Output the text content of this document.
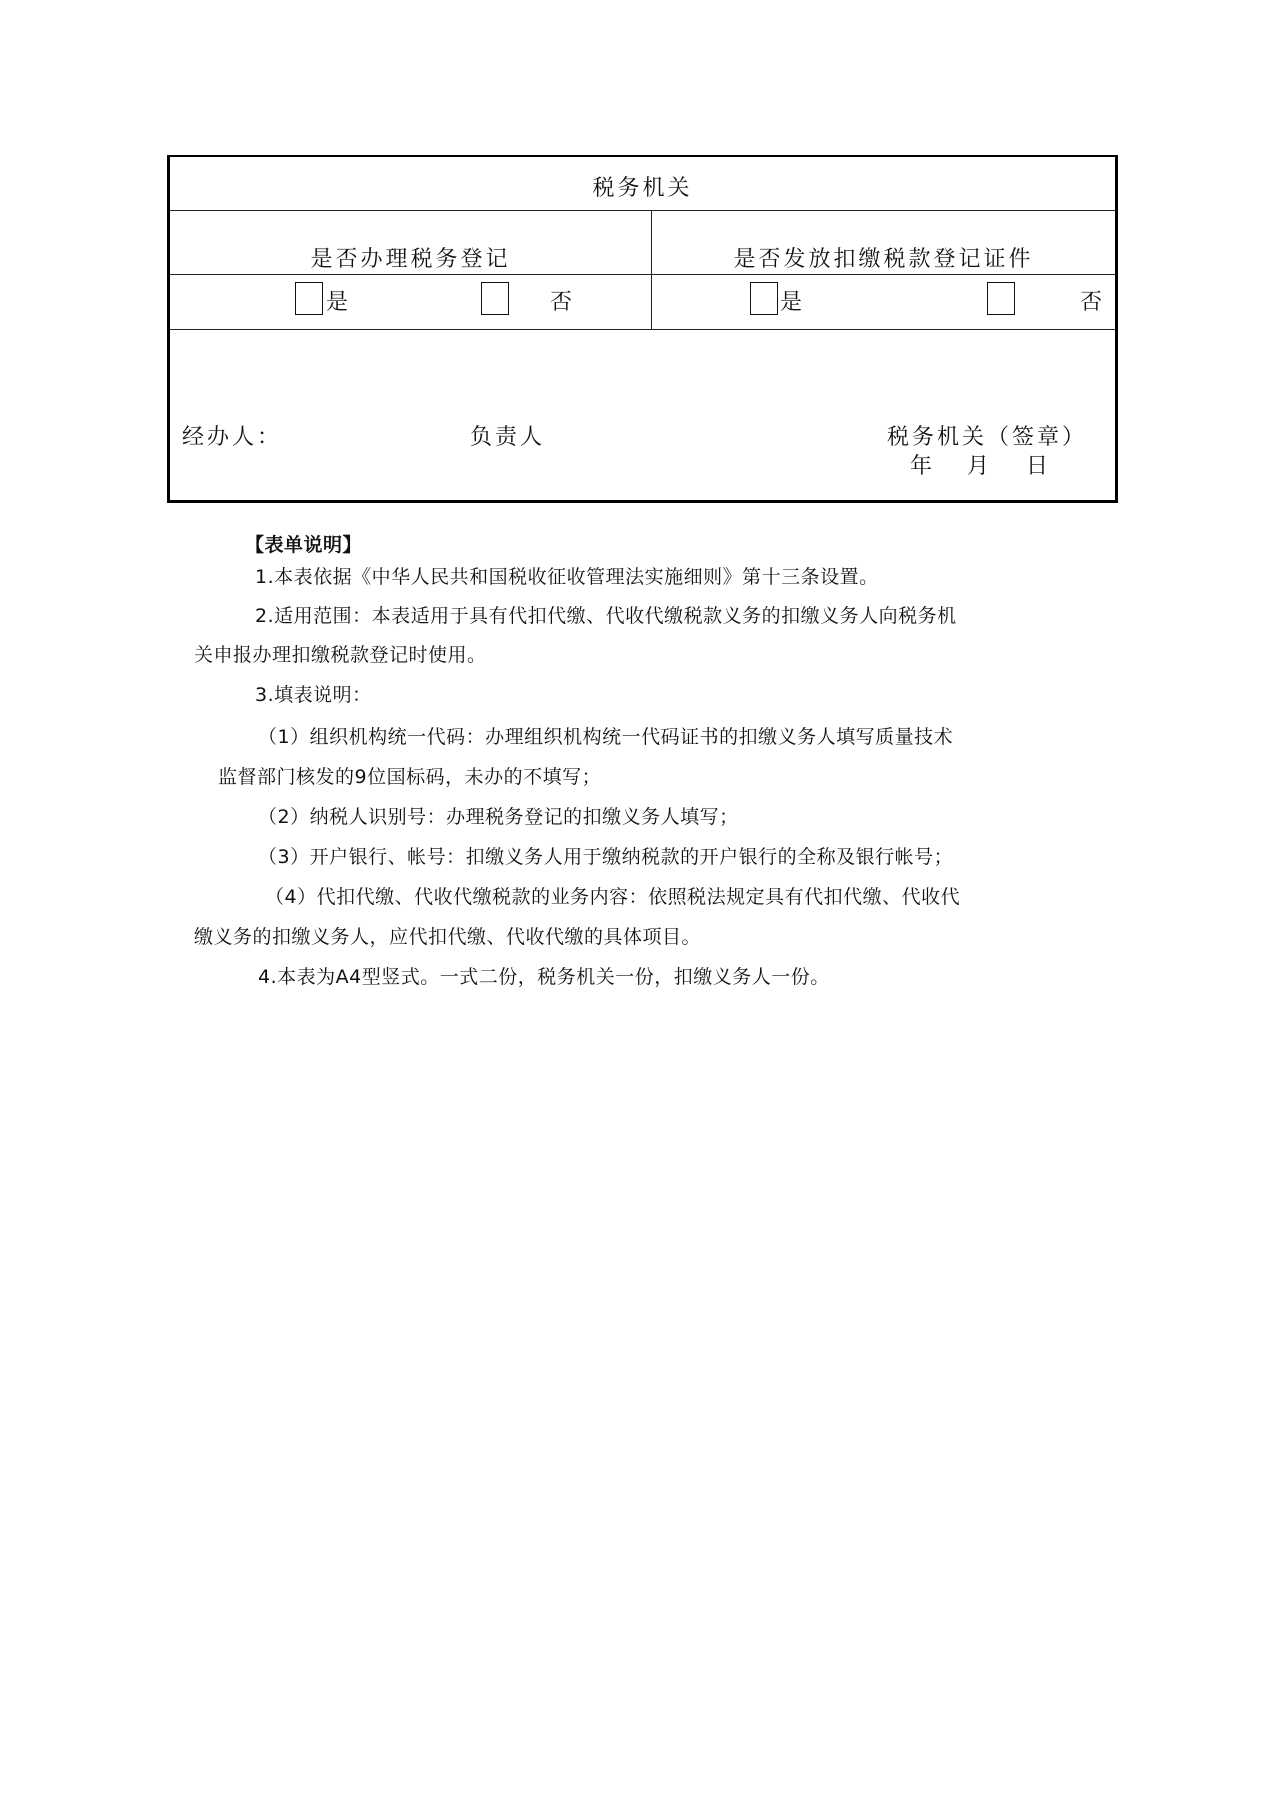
税务机关
是否办理税务登记	是否发放扣缴税款登记证件
是	否	是	否
经办人：	负责人	税务机关（签章）
年 月 日
【表单说明】
1.本表依据《中华人民共和国税收征收管理法实施细则》第十三条设置。
2.适用范围：本表适用于具有代扣代缴、代收代缴税款义务的扣缴义务人向税务机
关申报办理扣缴税款登记时使用。
3.填表说明：
（1）组织机构统一代码：办理组织机构统一代码证书的扣缴义务人填写质量技术
监督部门核发的9位国标码，未办的不填写；
（2）纳税人识别号：办理税务登记的扣缴义务人填写；
（3）开户银行、帐号：扣缴义务人用于缴纳税款的开户银行的全称及银行帐号；
（4）代扣代缴、代收代缴税款的业务内容：依照税法规定具有代扣代缴、代收代
缴义务的扣缴义务人，应代扣代缴、代收代缴的具体项目。
4.本表为A4型竖式。一式二份，税务机关一份，扣缴义务人一份。
